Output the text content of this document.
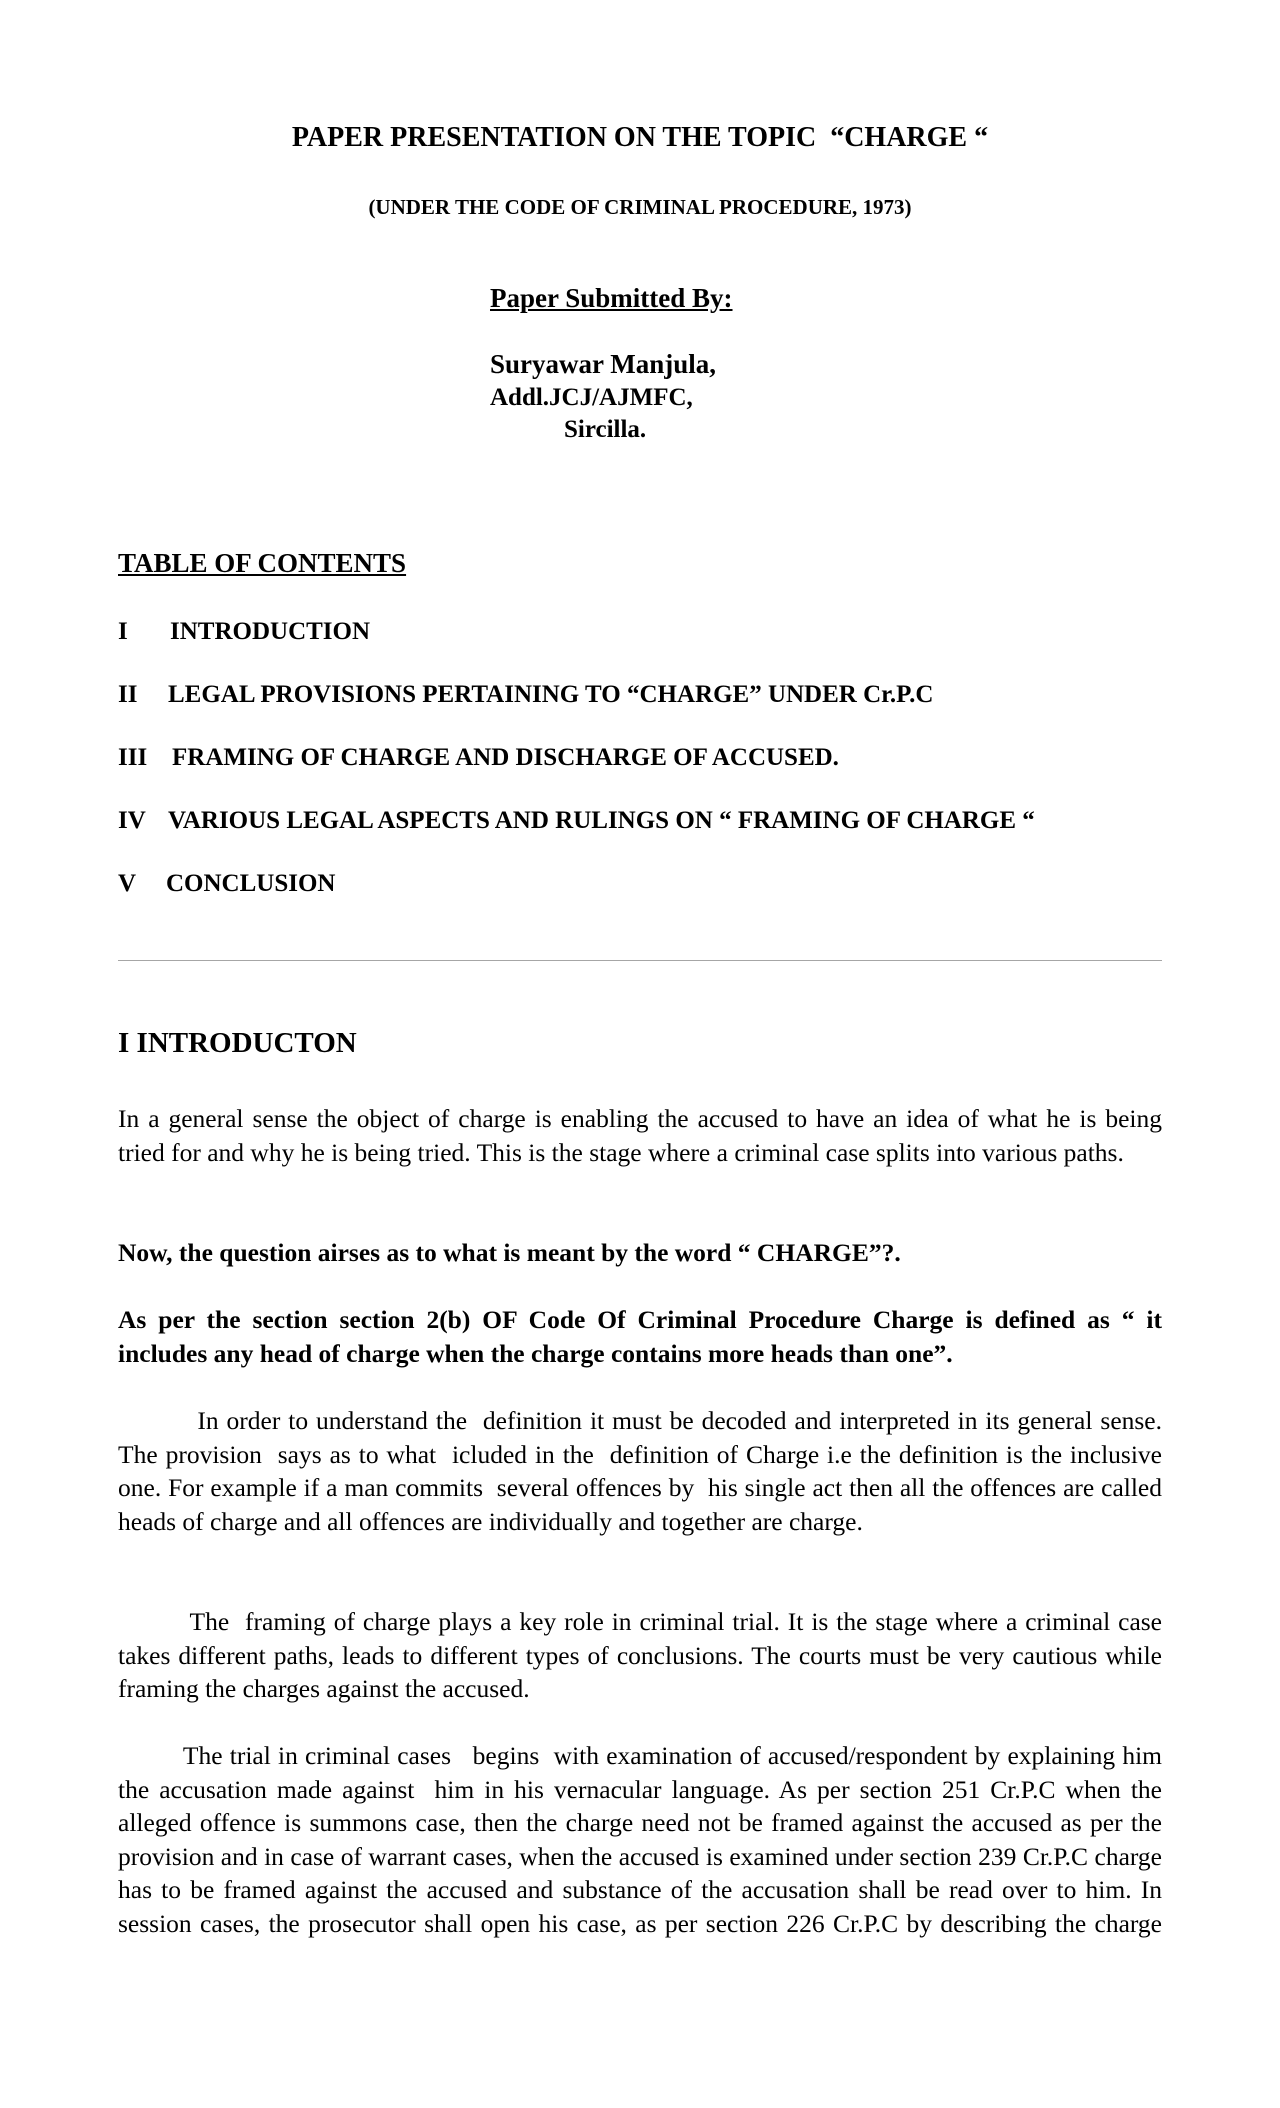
PAPER PRESENTATION ON THE TOPIC  “CHARGE “
(UNDER THE CODE OF CRIMINAL PROCEDURE, 1973)
Paper Submitted By:
Suryawar Manjula,
Addl.JCJ/AJMFC,
Sircilla.
TABLE OF CONTENTS
I INTRODUCTION
II LEGAL PROVISIONS PERTAINING TO “CHARGE” UNDER Cr.P.C
III FRAMING OF CHARGE AND DISCHARGE OF ACCUSED.
IV VARIOUS LEGAL ASPECTS AND RULINGS ON “ FRAMING OF CHARGE “
V CONCLUSION
I INTRODUCTON

In a general sense the object of charge is enabling the accused to have an idea of what he is being tried for and why he is being tried. This is the stage where a criminal case splits into various paths.

Now, the question airses as to what is meant by the word “ CHARGE”?.

As per the section section 2(b) OF Code Of Criminal Procedure Charge is defined as “ it includes any head of charge when the charge contains more heads than one”.

In order to understand the  definition it must be decoded and interpreted in its general sense. The provision  says as to what  icluded in the  definition of Charge i.e the definition is the inclusive one. For example if a man commits  several offences by  his single act then all the offences are called heads of charge and all offences are individually and together are charge.

The  framing of charge plays a key role in criminal trial. It is the stage where a criminal case takes different paths, leads to different types of conclusions. The courts must be very cautious while framing the charges against the accused.

The trial in criminal cases   begins  with examination of accused/respondent by explaining him  the accusation made against  him in his vernacular language. As per section 251 Cr.P.C when the alleged offence is summons case, then the charge need not be framed against the accused as per the provision and in case of warrant cases, when the accused is examined under section 239 Cr.P.C charge has to be framed against the accused and substance of the accusation shall be read over to him. In session cases, the prosecutor shall open his case, as per section 226 Cr.P.C by describing the charge
